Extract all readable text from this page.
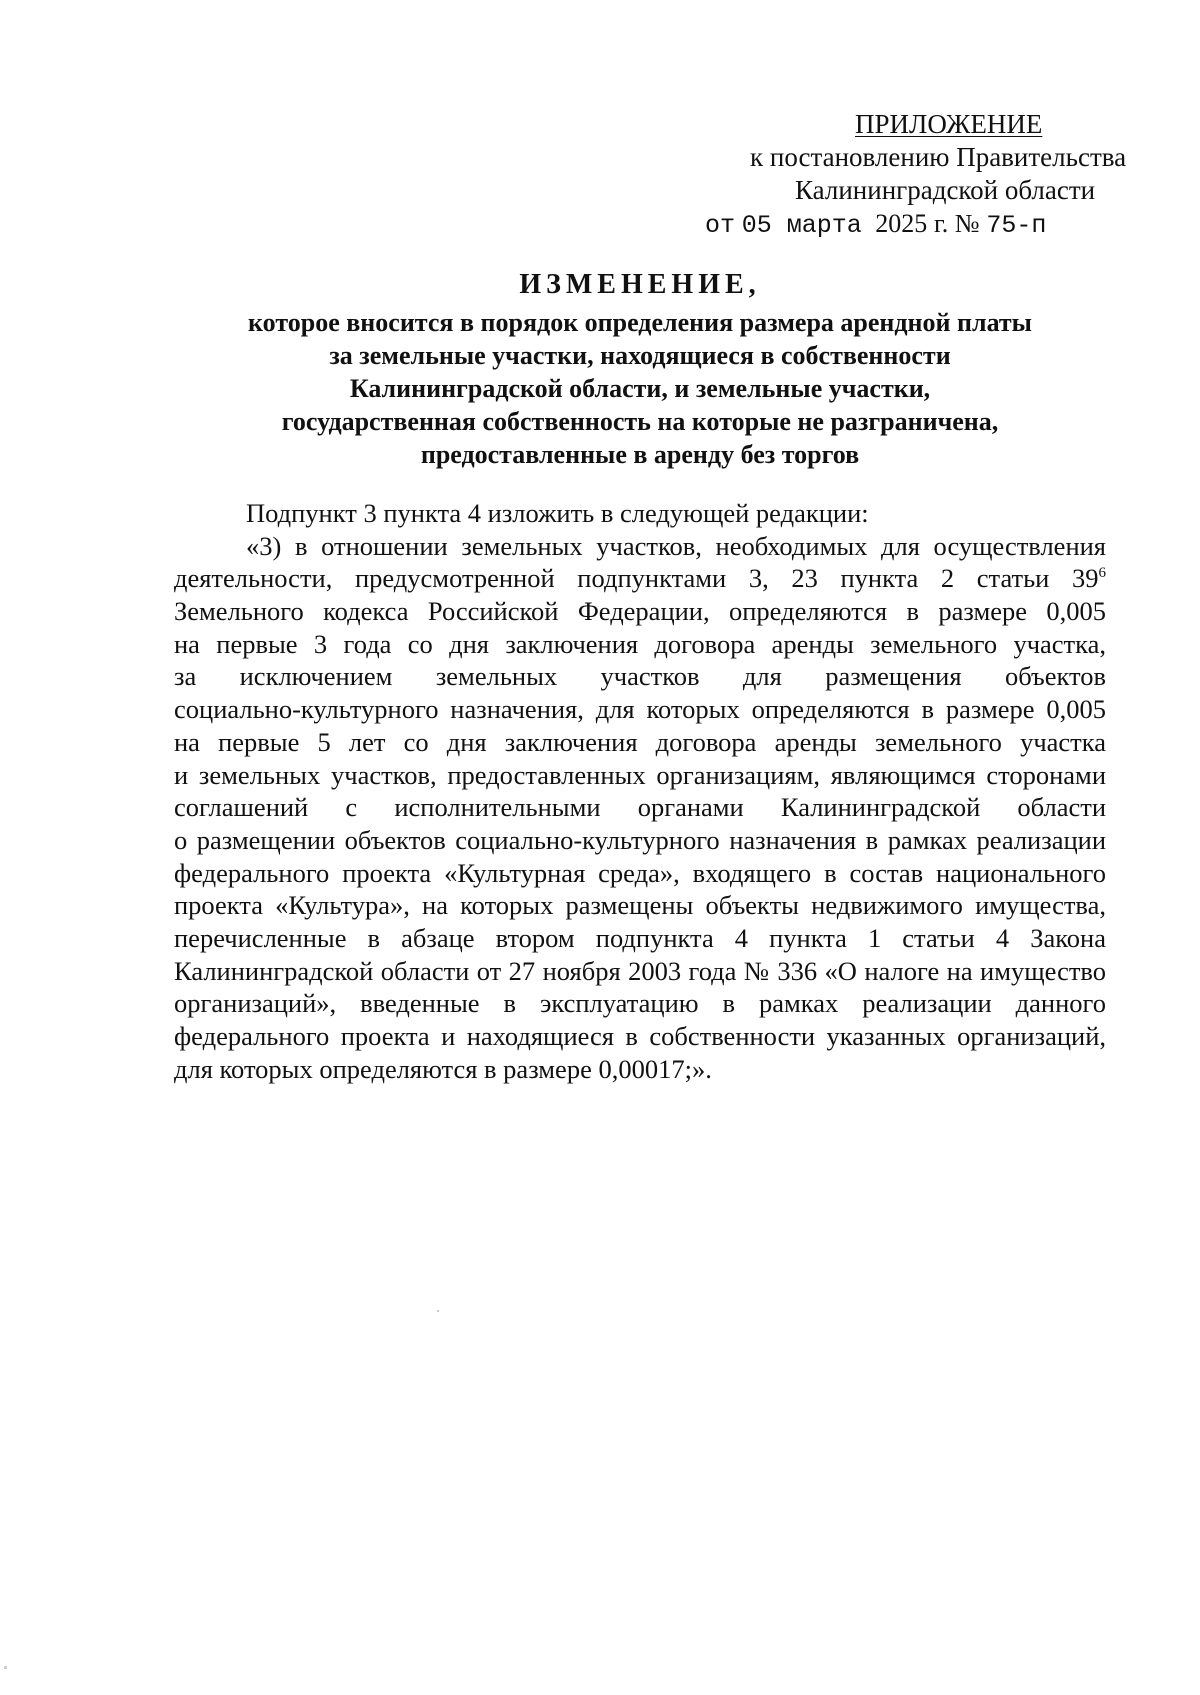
ПРИЛОЖЕНИЕ
к постановлению Правительства
Калининградской области
от 05 марта 2025 г. № 75-п
ИЗМЕНЕНИЕ,
которое вносится в порядок определения размера арендной платы
за земельные участки, находящиеся в собственности
Калининградской области, и земельные участки,
государственная собственность на которые не разграничена,
предоставленные в аренду без торгов
Подпункт 3 пункта 4 изложить в следующей редакции:
«3) в отношении земельных участков, необходимых для осуществления
деятельности, предусмотренной подпунктами 3, 23 пункта 2 статьи $39^6$
Земельного кодекса Российской Федерации, определяются в размере 0,005
на первые 3 года со дня заключения договора аренды земельного участка,
за исключением земельных участков для размещения объектов
социально-культурного назначения, для которых определяются в размере 0,005
на первые 5 лет со дня заключения договора аренды земельного участка
и земельных участков, предоставленных организациям, являющимся сторонами
соглашений с исполнительными органами Калининградской области
о размещении объектов социально-культурного назначения в рамках реализации
федерального проекта «Культурная среда», входящего в состав национального
проекта «Культура», на которых размещены объекты недвижимого имущества,
перечисленные в абзаце втором подпункта 4 пункта 1 статьи 4 Закона
Калининградской области от 27 ноября 2003 года № 336 «О налоге на имущество
организаций», введенные в эксплуатацию в рамках реализации данного
федерального проекта и находящиеся в собственности указанных организаций,
для которых определяются в размере 0,00017;».
